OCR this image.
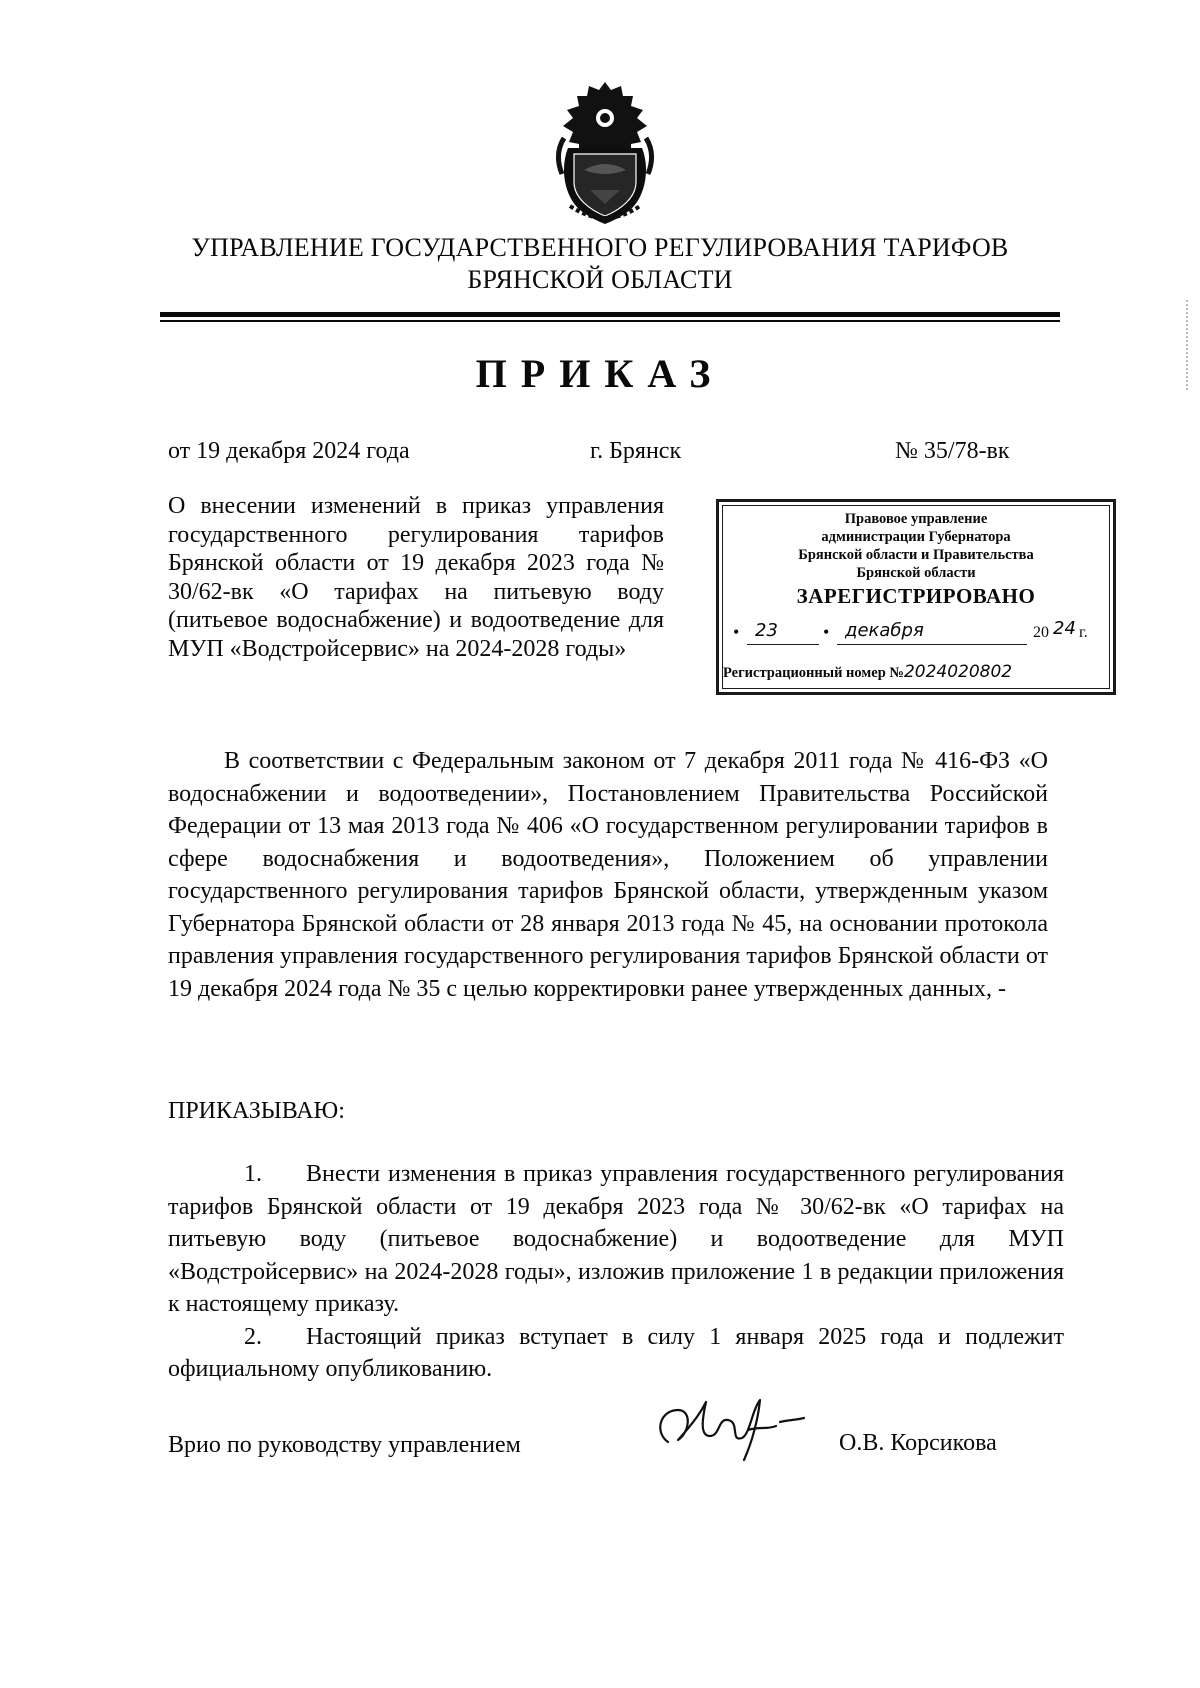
УПРАВЛЕНИЕ ГОСУДАРСТВЕННОГО РЕГУЛИРОВАНИЯ ТАРИФОВ
БРЯНСКОЙ ОБЛАСТИ
ПРИКАЗ
от 19 декабря 2024 года	г. Брянск	№ 35/78-вк
О внесении изменений в приказ управления государственного регулирования тарифов Брянской области от 19 декабря 2023 года № 30/62-вк «О тарифах на питьевую воду (питьевое водоснабжение) и водоотведение для МУП «Водстройсервис» на 2024-2028 годы»
Правовое управление
администрации Губернатора
Брянской области и Правительства
Брянской области
ЗАРЕГИСТРИРОВАНО
• 23	• декабря	20 24 г.
Регистрационный номер №2024020802
В соответствии с Федеральным законом от 7 декабря 2011 года № 416-ФЗ «О водоснабжении и водоотведении», Постановлением Правительства Российской Федерации от 13 мая 2013 года № 406 «О государственном регулировании тарифов в сфере водоснабжения и водоотведения», Положением об управлении государственного регулирования тарифов Брянской области, утвержденным указом Губернатора Брянской области от 28 января 2013 года № 45, на основании протокола правления управления государственного регулирования тарифов Брянской области от 19 декабря 2024 года № 35 с целью корректировки ранее утвержденных данных, -
ПРИКАЗЫВАЮ:

1. Внести изменения в приказ управления государственного регулирования тарифов Брянской области от 19 декабря 2023 года № 30/62-вк «О тарифах на питьевую воду (питьевое водоснабжение) и водоотведение для МУП «Водстройсервис» на 2024-2028 годы», изложив приложение 1 в редакции приложения к настоящему приказу.

2. Настоящий приказ вступает в силу 1 января 2025 года и подлежит официальному опубликованию.

Врио по руководству управлением	О.В. Корсикова
